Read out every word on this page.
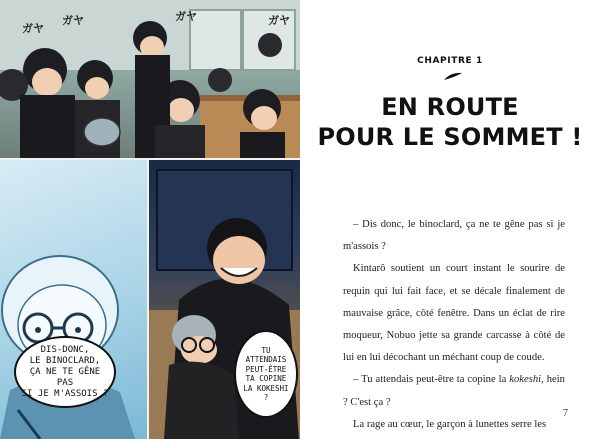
ガヤ
ガヤ
ガヤ	ガヤ
DIS-DONC,
LE BINOCLARD,
ÇA NE TE GÊNE PAS
SI JE M'ASSOIS ?
TU ATTENDAIS
PEUT-ÊTRE
TA COPINE
LA KOKESHI ?
CHAPITRE 1
EN ROUTE
POUR LE SOMMET !

– Dis donc, le binoclard, ça ne te gêne pas si je m'assois ?

Kintarô soutient un court instant le sourire de requin qui lui fait face, et se décale finalement de mauvaise grâce, côté fenêtre. Dans un éclat de rire moqueur, Nobuo jette sa grande carcasse à côté de lui en lui décochant un méchant coup de coude.

– Tu attendais peut-être ta copine la kokeshi, hein ? C'est ça ?

La rage au cœur, le garçon à lunettes serre les

7
